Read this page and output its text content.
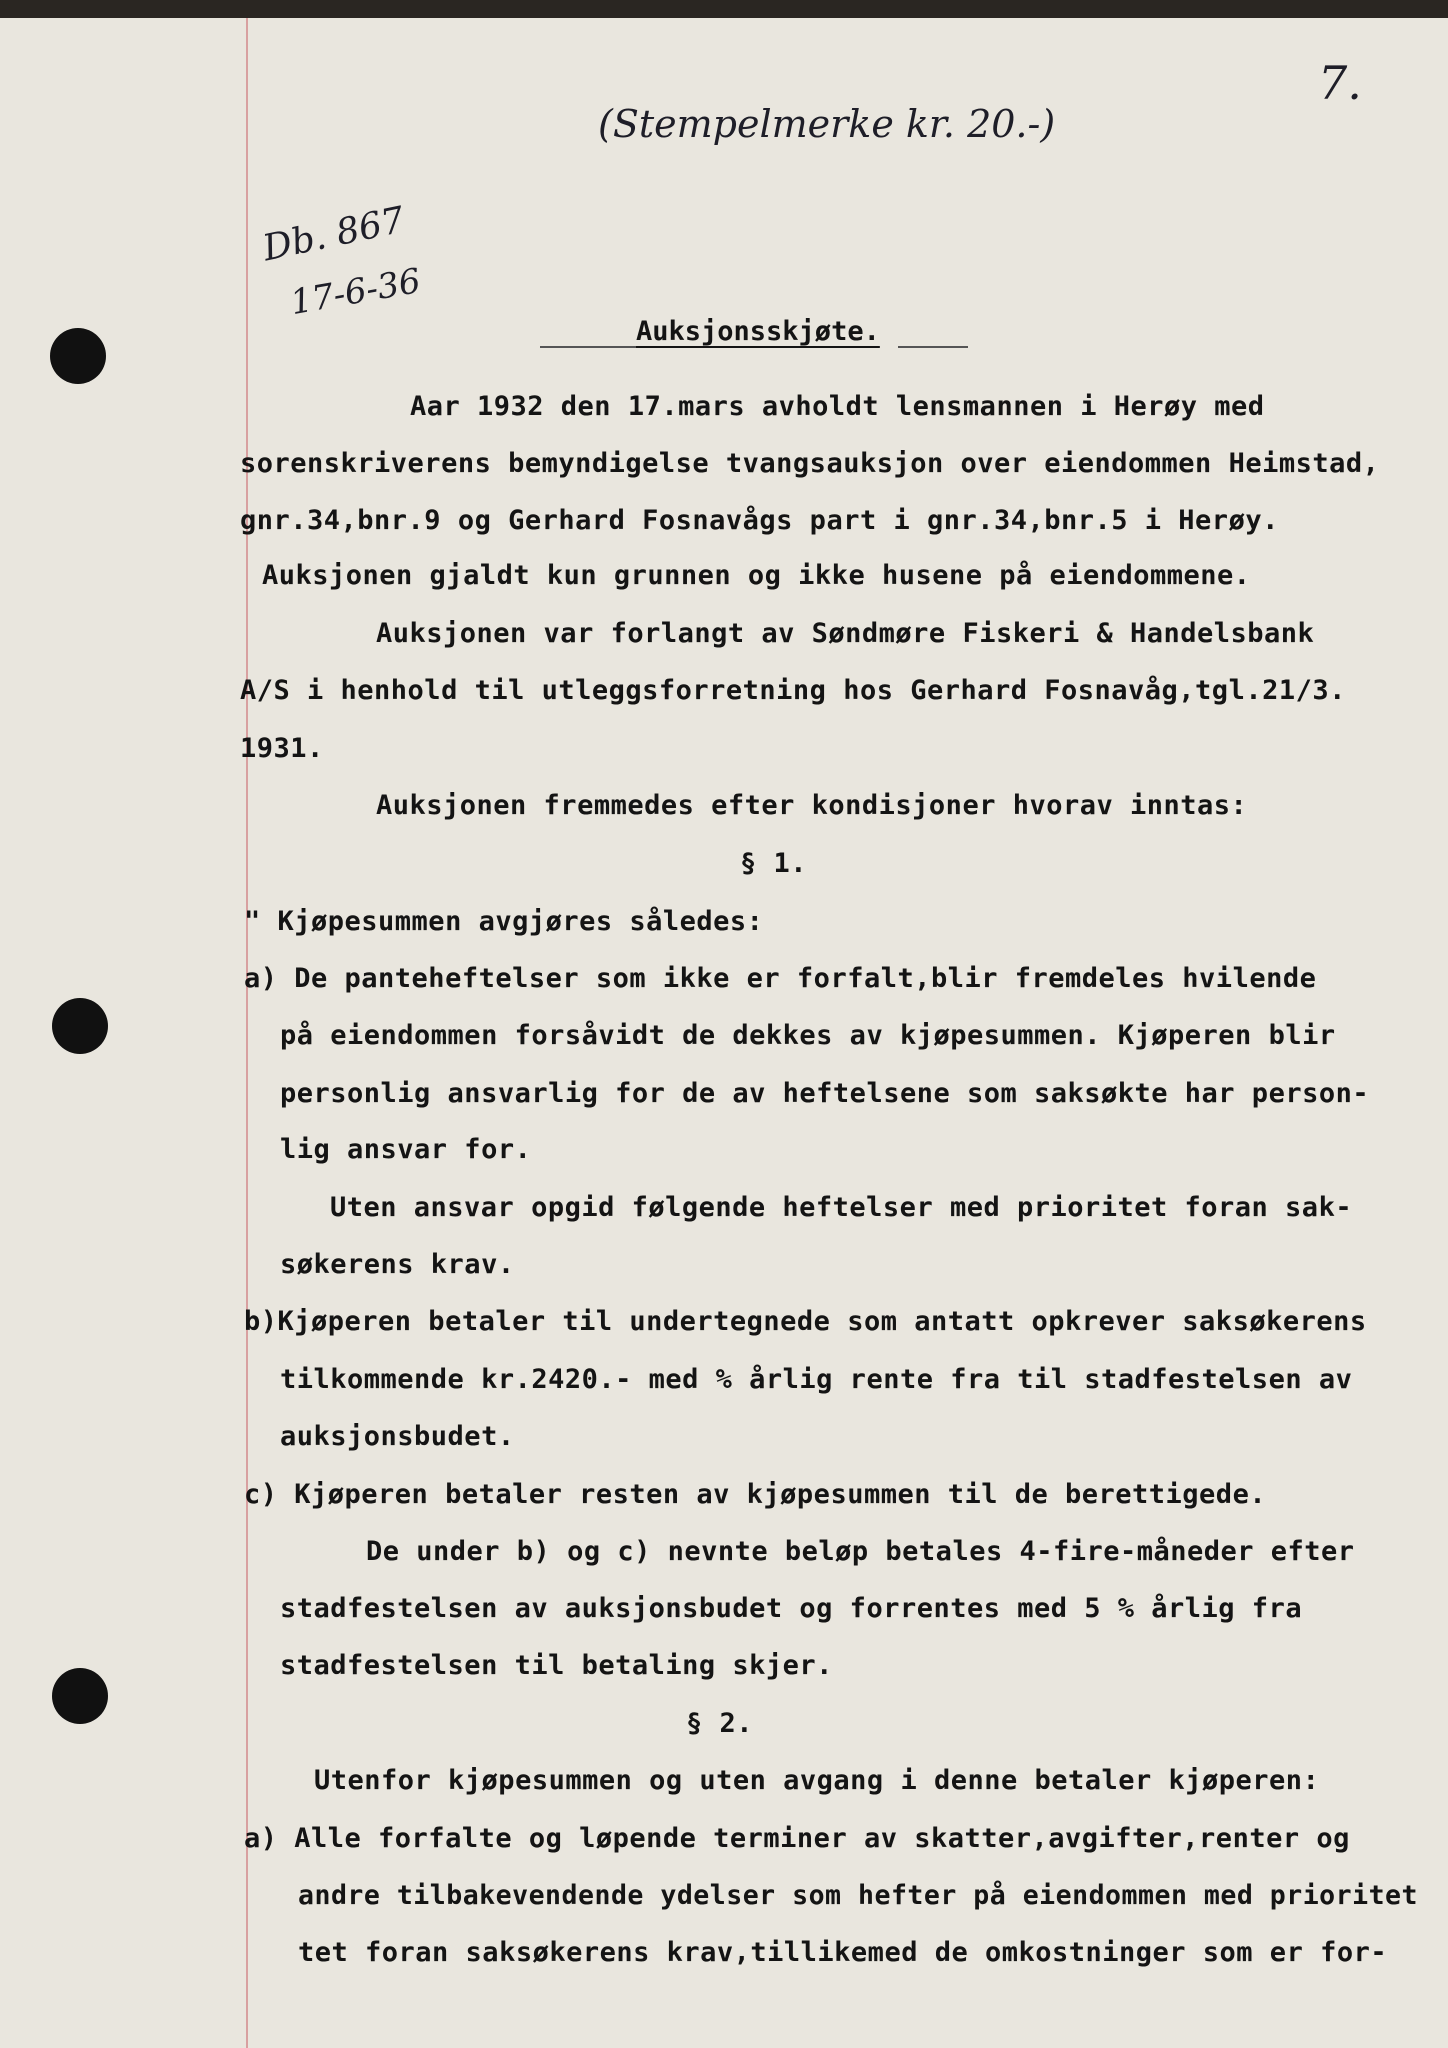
7.
(Stempelmerke kr. 20.-)
Db. 867
17-6-36
Auksjonsskjøte.
Aar 1932 den 17.mars avholdt lensmannen i Herøy med
sorenskriverens bemyndigelse tvangsauksjon over eiendommen Heimstad,
gnr.34,bnr.9 og Gerhard Fosnavågs part i gnr.34,bnr.5 i Herøy.
Auksjonen gjaldt kun grunnen og ikke husene på eiendommene.
Auksjonen var forlangt av Søndmøre Fiskeri & Handelsbank
A/S i henhold til utleggsforretning hos Gerhard Fosnavåg,tgl.21/3.
1931.
Auksjonen fremmedes efter kondisjoner hvorav inntas:
§ 1.
" Kjøpesummen avgjøres således:
a) De panteheftelser som ikke er forfalt,blir fremdeles hvilende
på eiendommen forsåvidt de dekkes av kjøpesummen. Kjøperen blir
personlig ansvarlig for de av heftelsene som saksøkte har person-
lig ansvar for.
Uten ansvar opgid følgende heftelser med prioritet foran sak-
søkerens krav.
b)Kjøperen betaler til undertegnede som antatt opkrever saksøkerens
tilkommende kr.2420.- med % årlig rente fra til stadfestelsen av
auksjonsbudet.
c) Kjøperen betaler resten av kjøpesummen til de berettigede.
De under b) og c) nevnte beløp betales 4-fire-måneder efter
stadfestelsen av auksjonsbudet og forrentes med 5 % årlig fra
stadfestelsen til betaling skjer.
§ 2.
Utenfor kjøpesummen og uten avgang i denne betaler kjøperen:
a) Alle forfalte og løpende terminer av skatter,avgifter,renter og
andre tilbakevendende ydelser som hefter på eiendommen med prioritet
tet foran saksøkerens krav,tillikemed de omkostninger som er for-
